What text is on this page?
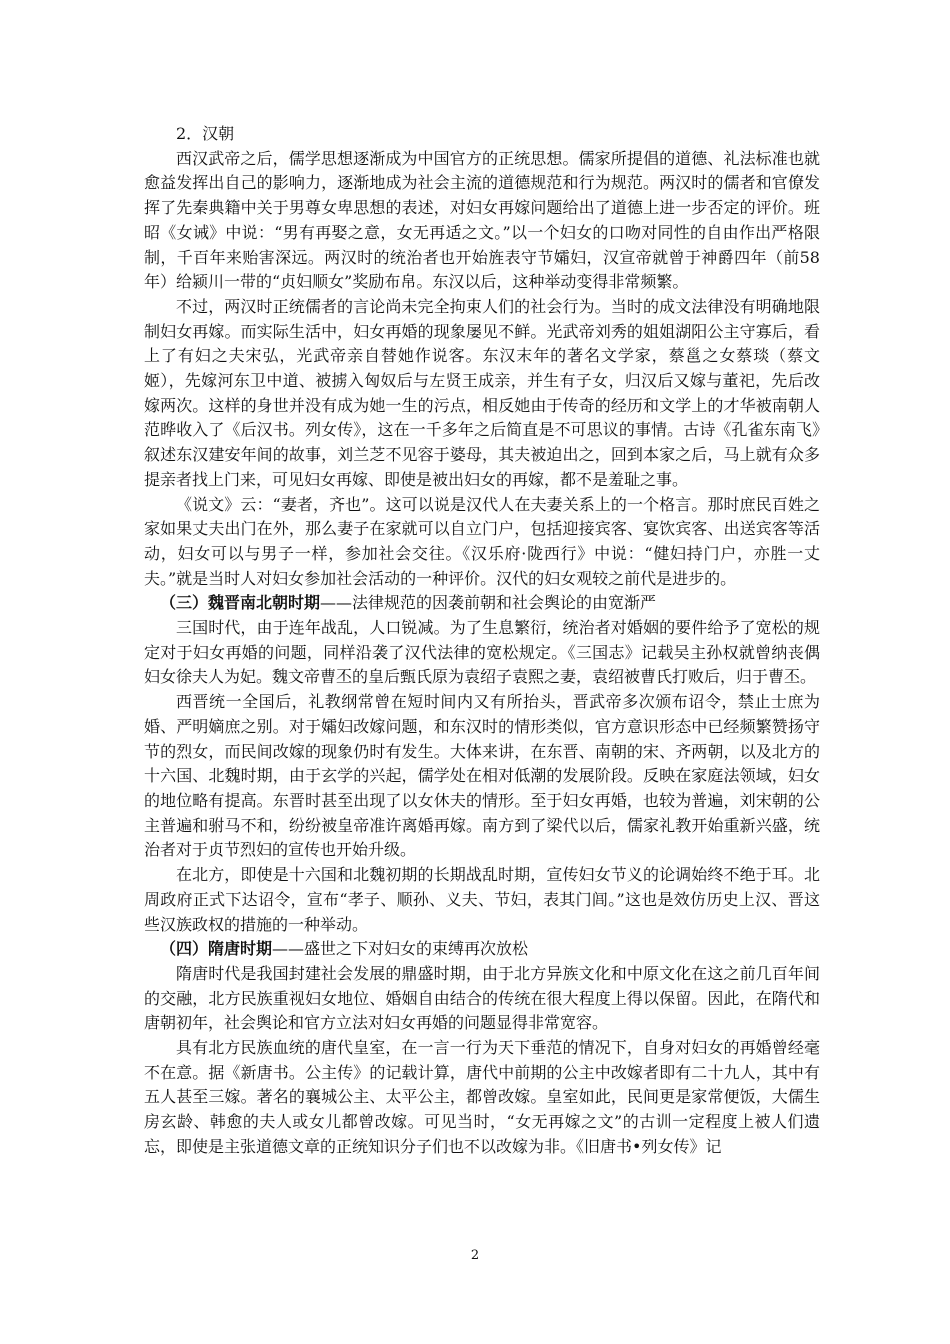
2．汉朝

西汉武帝之后，儒学思想逐渐成为中国官方的正统思想。儒家所提倡的道德、礼法标准也就愈益发挥出自己的影响力，逐渐地成为社会主流的道德规范和行为规范。两汉时的儒者和官僚发挥了先秦典籍中关于男尊女卑思想的表述，对妇女再嫁问题给出了道德上进一步否定的评价。班昭《女诫》中说：“男有再娶之意，女无再适之文。”以一个妇女的口吻对同性的自由作出严格限制，千百年来贻害深远。两汉时的统治者也开始旌表守节孀妇，汉宣帝就曾于神爵四年（前58年）给颍川一带的“贞妇顺女”奖励布帛。东汉以后，这种举动变得非常频繁。

不过，两汉时正统儒者的言论尚未完全拘束人们的社会行为。当时的成文法律没有明确地限制妇女再嫁。而实际生活中，妇女再婚的现象屡见不鲜。光武帝刘秀的姐姐湖阳公主守寡后，看上了有妇之夫宋弘，光武帝亲自替她作说客。东汉末年的著名文学家，蔡邕之女蔡琰（蔡文姬），先嫁河东卫中道、被掳入匈奴后与左贤王成亲，并生有子女，归汉后又嫁与董祀，先后改嫁两次。这样的身世并没有成为她一生的污点，相反她由于传奇的经历和文学上的才华被南朝人范晔收入了《后汉书。列女传》，这在一千多年之后简直是不可思议的事情。古诗《孔雀东南飞》叙述东汉建安年间的故事，刘兰芝不见容于婆母，其夫被迫出之，回到本家之后，马上就有众多提亲者找上门来，可见妇女再嫁、即使是被出妇女的再嫁，都不是羞耻之事。

《说文》云：“妻者，齐也”。这可以说是汉代人在夫妻关系上的一个格言。那时庶民百姓之家如果丈夫出门在外，那么妻子在家就可以自立门户，包括迎接宾客、宴饮宾客、出送宾客等活动，妇女可以与男子一样，参加社会交往。《汉乐府·陇西行》中说：“健妇持门户，亦胜一丈夫。”就是当时人对妇女参加社会活动的一种评价。汉代的妇女观较之前代是进步的。

（三）魏晋南北朝时期——法律规范的因袭前朝和社会舆论的由宽渐严

三国时代，由于连年战乱，人口锐减。为了生息繁衍，统治者对婚姻的要件给予了宽松的规定对于妇女再婚的问题，同样沿袭了汉代法律的宽松规定。《三国志》记载吴主孙权就曾纳丧偶妇女徐夫人为妃。魏文帝曹丕的皇后甄氏原为袁绍子袁熙之妻，袁绍被曹氏打败后，归于曹丕。

西晋统一全国后，礼教纲常曾在短时间内又有所抬头，晋武帝多次颁布诏令，禁止士庶为婚、严明嫡庶之别。对于孀妇改嫁问题，和东汉时的情形类似，官方意识形态中已经频繁赞扬守节的烈女，而民间改嫁的现象仍时有发生。大体来讲，在东晋、南朝的宋、齐两朝，以及北方的十六国、北魏时期，由于玄学的兴起，儒学处在相对低潮的发展阶段。反映在家庭法领域，妇女的地位略有提高。东晋时甚至出现了以女休夫的情形。至于妇女再婚，也较为普遍，刘宋朝的公主普遍和驸马不和，纷纷被皇帝准许离婚再嫁。南方到了梁代以后，儒家礼教开始重新兴盛，统治者对于贞节烈妇的宣传也开始升级。

在北方，即使是十六国和北魏初期的长期战乱时期，宣传妇女节义的论调始终不绝于耳。北周政府正式下达诏令，宣布“孝子、顺孙、义夫、节妇，表其门闾。”这也是效仿历史上汉、晋这些汉族政权的措施的一种举动。

（四）隋唐时期——盛世之下对妇女的束缚再次放松

隋唐时代是我国封建社会发展的鼎盛时期，由于北方异族文化和中原文化在这之前几百年间的交融，北方民族重视妇女地位、婚姻自由结合的传统在很大程度上得以保留。因此，在隋代和唐朝初年，社会舆论和官方立法对妇女再婚的问题显得非常宽容。

具有北方民族血统的唐代皇室，在一言一行为天下垂范的情况下，自身对妇女的再婚曾经毫不在意。据《新唐书。公主传》的记载计算，唐代中前期的公主中改嫁者即有二十九人，其中有五人甚至三嫁。著名的襄城公主、太平公主，都曾改嫁。皇室如此，民间更是家常便饭，大儒生房玄龄、韩愈的夫人或女儿都曾改嫁。可见当时，“女无再嫁之文”的古训一定程度上被人们遗忘，即使是主张道德文章的正统知识分子们也不以改嫁为非。《旧唐书•列女传》记

2
